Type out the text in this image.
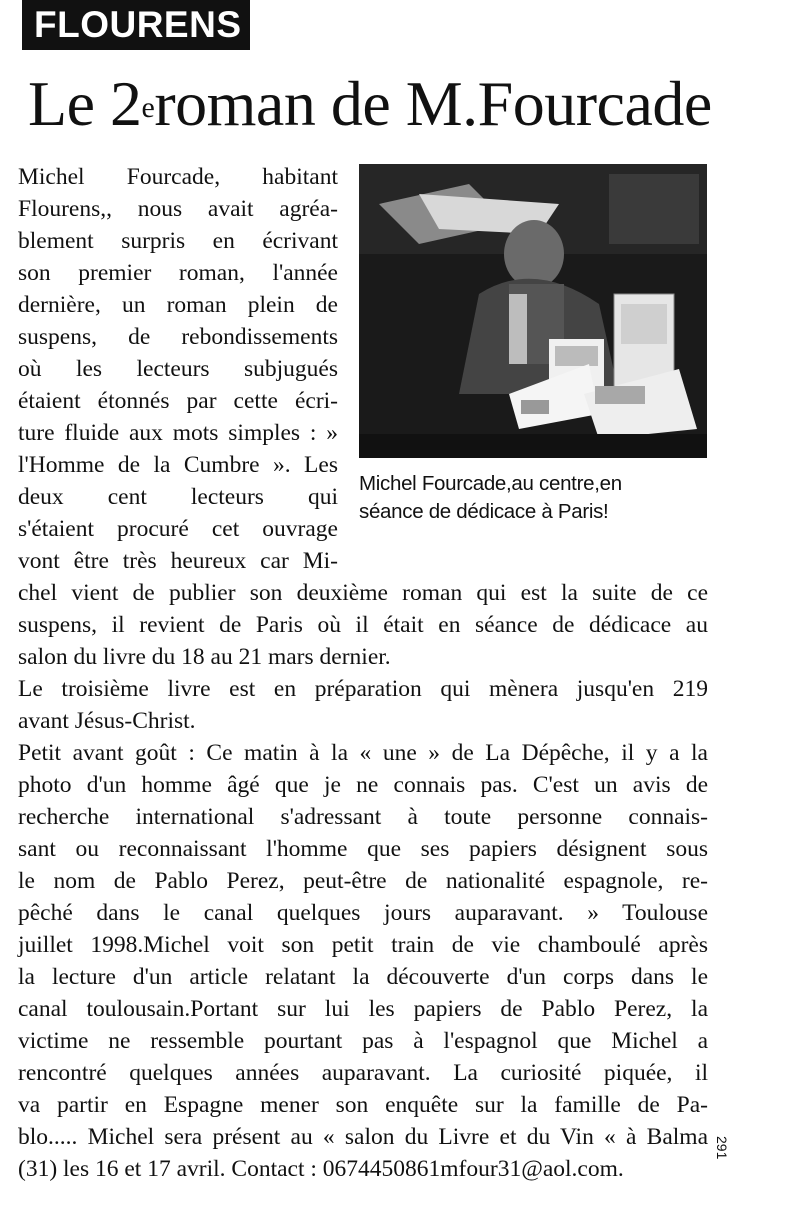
FLOURENS
Le 2eroman de M.Fourcade

Michel Fourcade,au centre,en

séance de dédicace à Paris!

Michel Fourcade, habitant

Flourens,, nous avait agréa-

blement surpris en écrivant

son premier roman, l'année

dernière, un roman plein de

suspens, de rebondissements

où les lecteurs subjugués

étaient étonnés par cette écri-

ture fluide aux mots simples : »

l'Homme de la Cumbre ». Les

deux cent lecteurs qui

s'étaient procuré cet ouvrage

vont être très heureux car Mi-

chel vient de publier son deuxième roman qui est la suite de ce

suspens, il revient de Paris où il était en séance de dédicace au

salon du livre du 18 au 21 mars dernier.

Le troisième livre est en préparation qui mènera jusqu'en 219

avant Jésus-Christ.

Petit avant goût : Ce matin à la « une » de La Dépêche, il y a la

photo d'un homme âgé que je ne connais pas. C'est un avis de

recherche international s'adressant à toute personne connais-

sant ou reconnaissant l'homme que ses papiers désignent sous

le nom de Pablo Perez, peut-être de nationalité espagnole, re-

pêché dans le canal quelques jours auparavant. » Toulouse

juillet 1998.Michel voit son petit train de vie chamboulé après

la lecture d'un article relatant la découverte d'un corps dans le

canal toulousain.Portant sur lui les papiers de Pablo Perez, la

victime ne ressemble pourtant pas à l'espagnol que Michel a

rencontré quelques années auparavant. La curiosité piquée, il

va partir en Espagne mener son enquête sur la famille de Pa-

blo..... Michel sera présent au « salon du Livre et du Vin « à Balma

(31) les 16 et 17 avril. Contact : 0674450861mfour31@aol.com.

291
